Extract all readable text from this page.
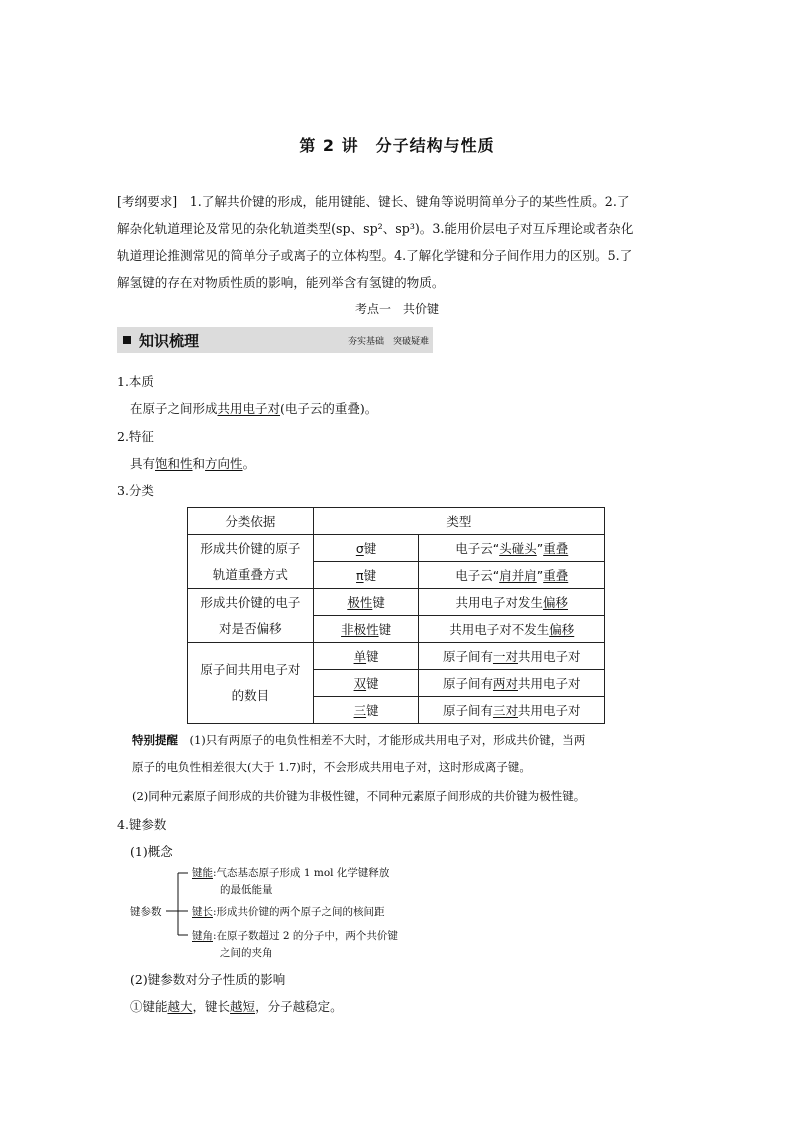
第 2 讲　分子结构与性质

[考纲要求]　1.了解共价键的形成，能用键能、键长、键角等说明简单分子的某些性质。2.了

解杂化轨道理论及常见的杂化轨道类型(sp、sp²、sp³)。3.能用价层电子对互斥理论或者杂化

轨道理论推测常见的简单分子或离子的立体构型。4.了解化学键和分子间作用力的区别。5.了

解氢键的存在对物质性质的影响，能列举含有氢键的物质。

考点一　共价键
知识梳理	夯实基础　突破疑难
1.本质
在原子之间形成共用电子对(电子云的重叠)。
2.特征
具有饱和性和方向性。
3.分类
分类依据	类型	
形成共价键的原子轨道重叠方式	σ键	电子云“头碰头”重叠
	π键	电子云“肩并肩”重叠
形成共价键的电子对是否偏移	极性键	共用电子对发生偏移
	非极性键	共用电子对不发生偏移
原子间共用电子对的数目	单键	原子间有一对共用电子对
	双键	原子间有两对共用电子对
	三键	原子间有三对共用电子对
特别提醒　(1)只有两原子的电负性相差不大时，才能形成共用电子对，形成共价键，当两
原子的电负性相差很大(大于 1.7)时，不会形成共用电子对，这时形成离子键。
(2)同种元素原子间形成的共价键为非极性键，不同种元素原子间形成的共价键为极性键。
4.键参数
(1)概念
键参数
键能:气态基态原子形成 1 mol 化学键释放
的最低能量
键长:形成共价键的两个原子之间的核间距
键角:在原子数超过 2 的分子中，两个共价键
之间的夹角
(2)键参数对分子性质的影响
①键能越大，键长越短，分子越稳定。
